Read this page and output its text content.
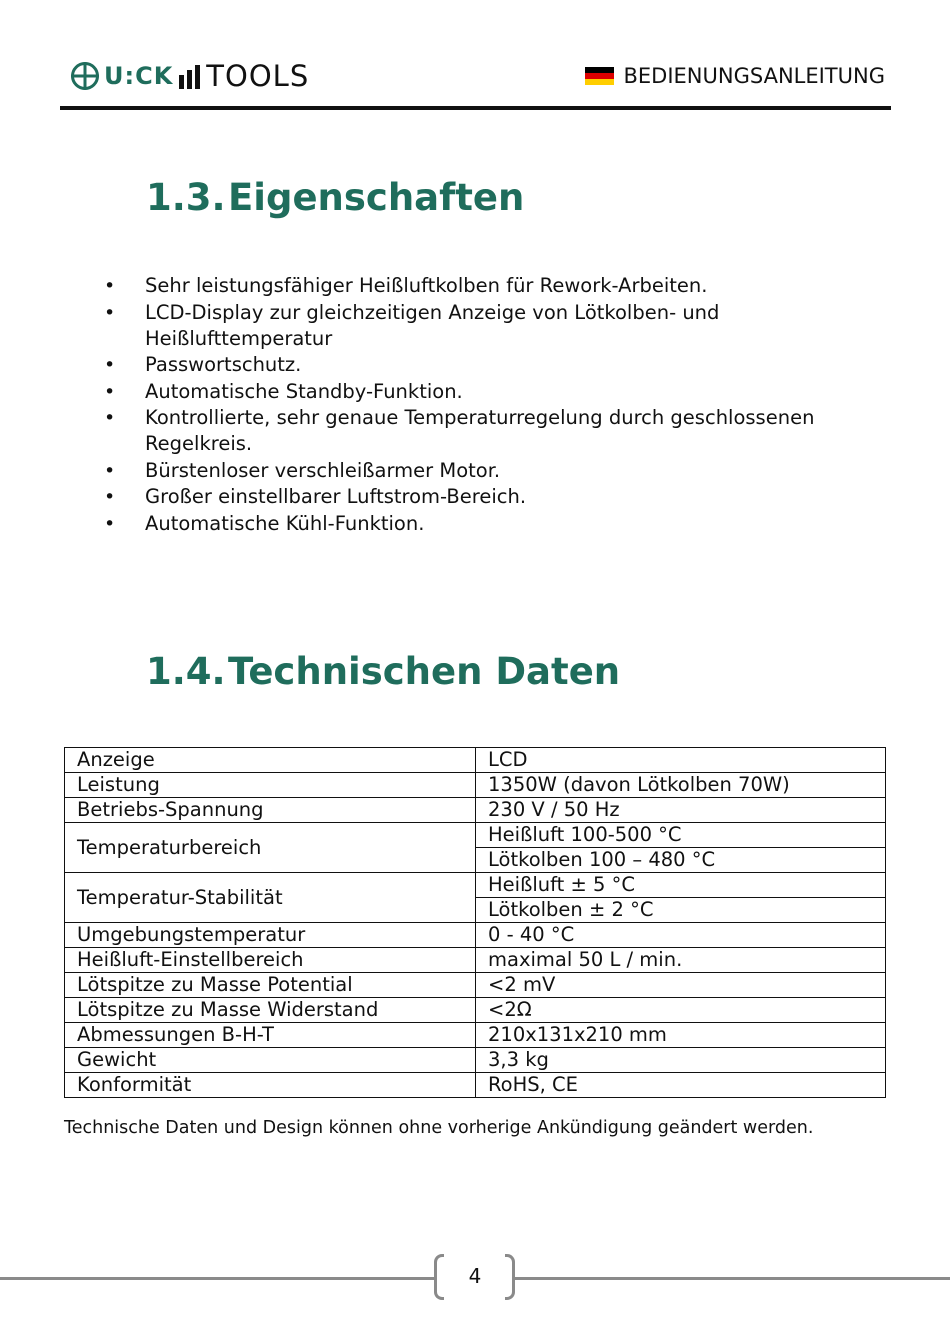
U:CK TOOLS	BEDIENUNGSANLEITUNG
1.3.Eigenschaften
• Sehr leistungsfähiger Heißluftkolben für Rework-Arbeiten.
• LCD-Display zur gleichzeitigen Anzeige von Lötkolben- und Heißlufttemperatur
• Passwortschutz.
• Automatische Standby-Funktion.
• Kontrollierte, sehr genaue Temperaturregelung durch geschlossenen Regelkreis.
• Bürstenloser verschleißarmer Motor.
• Großer einstellbarer Luftstrom-Bereich.
• Automatische Kühl-Funktion.
1.4.Technischen Daten
Anzeige	LCD
Leistung	1350W (davon Lötkolben 70W)
Betriebs-Spannung	230 V / 50 Hz
Temperaturbereich	Heißluft 100-500 °C
	Lötkolben 100 – 480 °C
Temperatur-Stabilität	Heißluft ± 5 °C
	Lötkolben ± 2 °C
Umgebungstemperatur	0 - 40 °C
Heißluft-Einstellbereich	maximal 50 L / min.
Lötspitze zu Masse Potential	<2 mV
Lötspitze zu Masse Widerstand	<2Ω
Abmessungen B-H-T	210x131x210 mm
Gewicht	3,3 kg
Konformität	RoHS, CE
Technische Daten und Design können ohne vorherige Ankündigung geändert werden.
4
